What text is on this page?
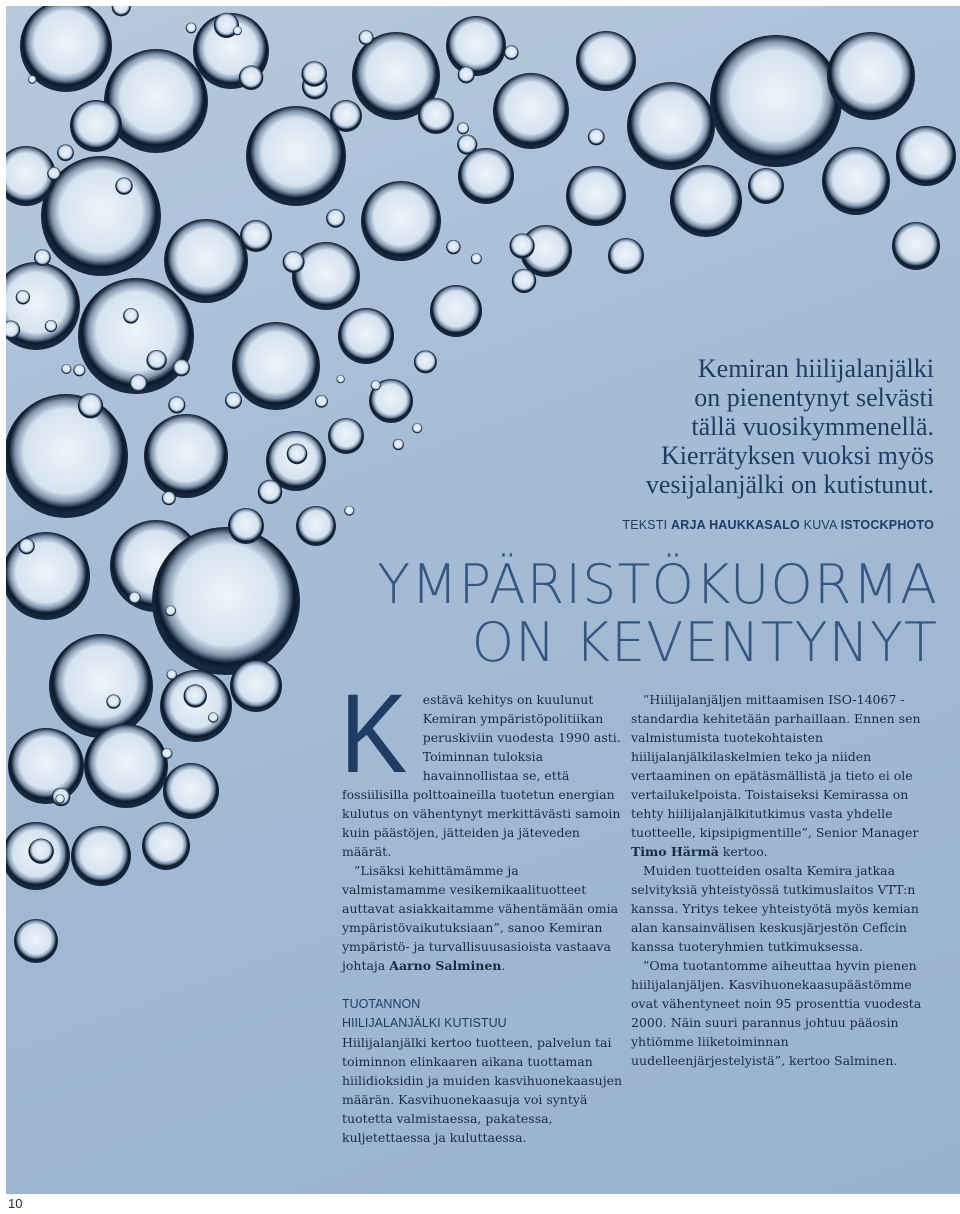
Kemiran hiilijalanjälki
on pienentynyt selvästi
tällä vuosikymmenellä.
Kierrätyksen vuoksi myös
vesijalanjälki on kutistunut.
TEKSTI ARJA HAUKKASALO KUVA ISTOCKPHOTO
YMPÄRISTÖKUORMA
ON KEVENTYNYT

K estävä kehitys on kuulunut Kemiran ympäristöpolitiikan peruskiviin vuodesta 1990 asti. Toiminnan tuloksia havainnollistaa se, että fossiilisilla polttoaineilla tuotetun energian kulutus on vähentynyt merkittävästi samoin kuin päästöjen, jätteiden ja jäteveden määrät.

”Lisäksi kehittämämme ja valmistamamme vesikemikaalituotteet auttavat asiakkaitamme vähentämään omia ympäristövaikutuksiaan”, sanoo Kemiran ympäristö- ja turvallisuusasioista vastaava johtaja Aarno Salminen.

TUOTANNON
HIILIJALANJÄLKI KUTISTUU

Hiilijalanjälki kertoo tuotteen, palvelun tai toiminnon elinkaaren aikana tuottaman hiilidioksidin ja muiden kasvihuonekaasujen määrän. Kasvihuonekaasuja voi syntyä tuotetta valmistaessa, pakatessa, kuljetettaessa ja kuluttaessa.

”Hiilijalanjäljen mittaamisen ISO-14067 -standardia kehitetään parhaillaan. Ennen sen valmistumista tuotekohtaisten hiilijalanjälkilaskelmien teko ja niiden vertaaminen on epätäsmällistä ja tieto ei ole vertailukelpoista. Toistaiseksi Kemirassa on tehty hiilijalanjälkitutkimus vasta yhdelle tuotteelle, kipsipigmentille”, Senior Manager Timo Härmä kertoo.

Muiden tuotteiden osalta Kemira jatkaa selvityksiä yhteistyössä tutkimuslaitos VTT:n kanssa. Yritys tekee yhteistyötä myös kemian alan kansainvälisen keskusjärjestön Cefîcin kanssa tuoteryhmien tutkimuksessa.

”Oma tuotantomme aiheuttaa hyvin pienen hiilijalanjäljen. Kasvihuonekaasupäästömme ovat vähentyneet noin 95 prosenttia vuodesta 2000. Näin suuri parannus johtuu pääosin yhtiömme liiketoiminnan uudelleenjärjestelyistä”, kertoo Salminen.

10
